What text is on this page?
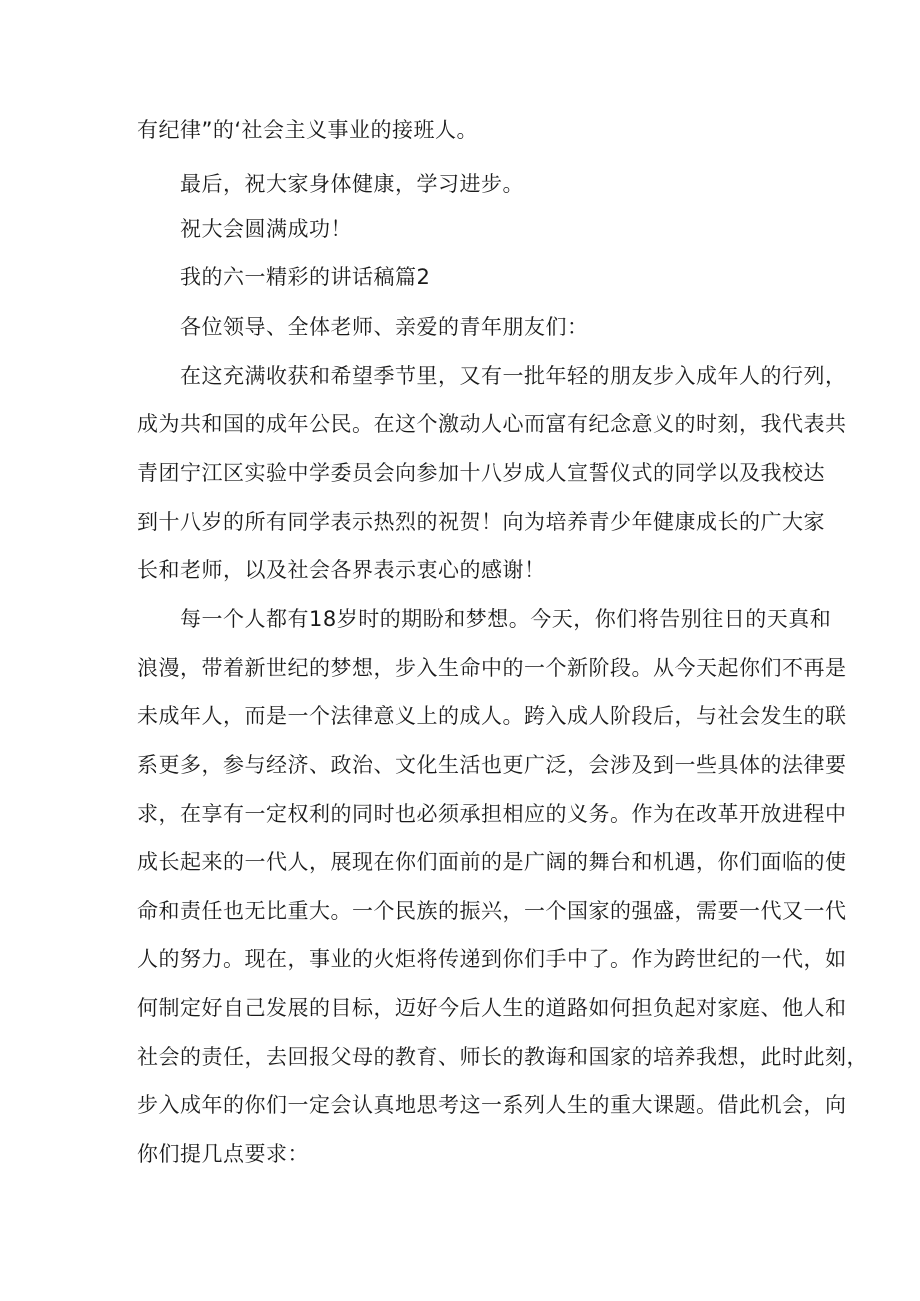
有纪律”的‘社会主义事业的接班人。
最后，祝大家身体健康，学习进步。
祝大会圆满成功！
我的六一精彩的讲话稿篇2
各位领导、全体老师、亲爱的青年朋友们：
在这充满收获和希望季节里，又有一批年轻的朋友步入成年人的行列，
成为共和国的成年公民。在这个激动人心而富有纪念意义的时刻，我代表共
青团宁江区实验中学委员会向参加十八岁成人宣誓仪式的同学以及我校达
到十八岁的所有同学表示热烈的祝贺！向为培养青少年健康成长的广大家
长和老师，以及社会各界表示衷心的感谢！
每一个人都有18岁时的期盼和梦想。今天，你们将告别往日的天真和
浪漫，带着新世纪的梦想，步入生命中的一个新阶段。从今天起你们不再是
未成年人，而是一个法律意义上的成人。跨入成人阶段后，与社会发生的联
系更多，参与经济、政治、文化生活也更广泛，会涉及到一些具体的法律要
求，在享有一定权利的同时也必须承担相应的义务。作为在改革开放进程中
成长起来的一代人，展现在你们面前的是广阔的舞台和机遇，你们面临的使
命和责任也无比重大。一个民族的振兴，一个国家的强盛，需要一代又一代
人的努力。现在，事业的火炬将传递到你们手中了。作为跨世纪的一代，如
何制定好自己发展的目标，迈好今后人生的道路如何担负起对家庭、他人和
社会的责任，去回报父母的教育、师长的教诲和国家的培养我想，此时此刻，
步入成年的你们一定会认真地思考这一系列人生的重大课题。借此机会，向
你们提几点要求：
